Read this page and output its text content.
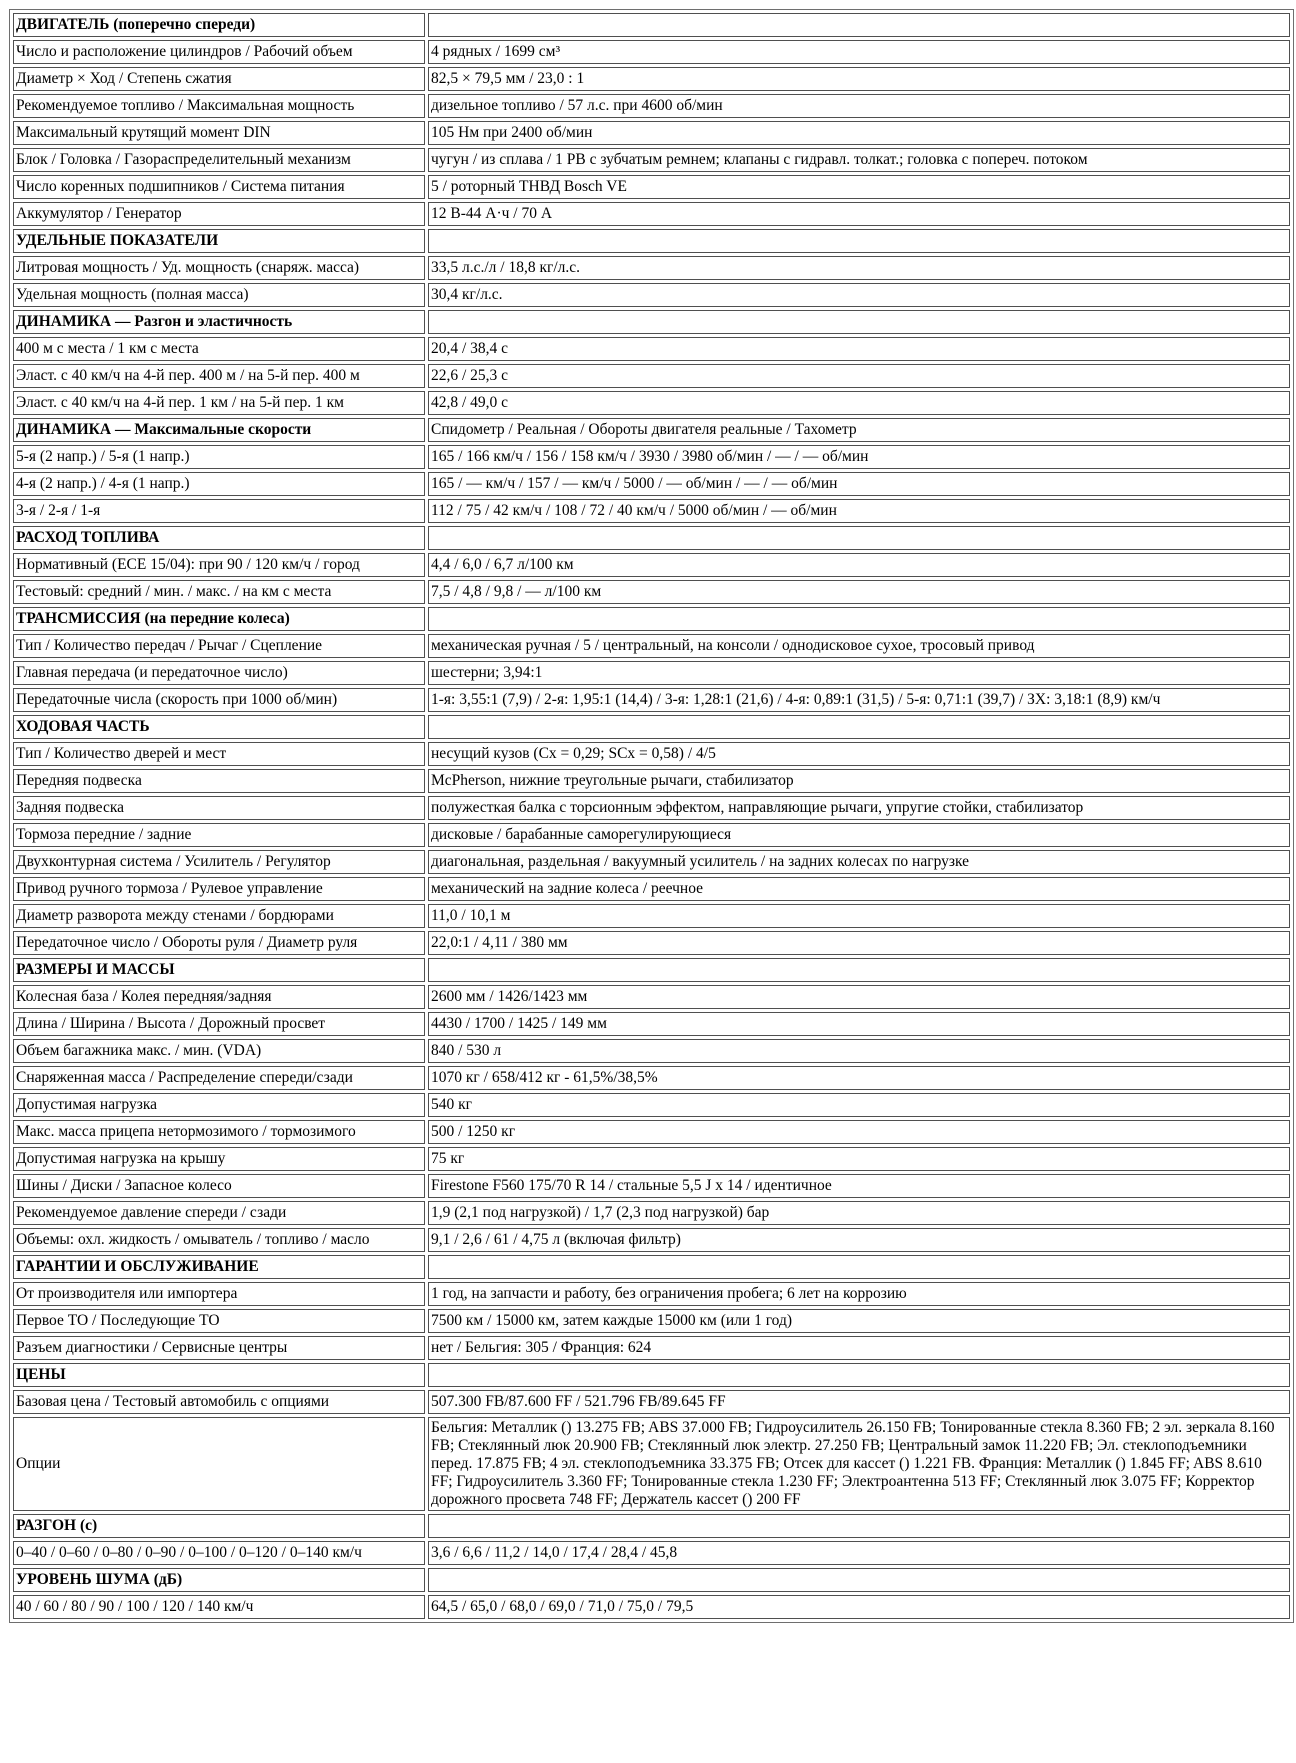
ДВИГАТЕЛЬ (поперечно спереди)	
Число и расположение цилиндров / Рабочий объем	4 рядных / 1699 см³
Диаметр × Ход / Степень сжатия	82,5 × 79,5 мм / 23,0 : 1
Рекомендуемое топливо / Максимальная мощность	дизельное топливо / 57 л.с. при 4600 об/мин
Максимальный крутящий момент DIN	105 Нм при 2400 об/мин
Блок / Головка / Газораспределительный механизм	чугун / из сплава / 1 РВ с зубчатым ремнем; клапаны с гидравл. толкат.; головка с попереч. потоком
Число коренных подшипников / Система питания	5 / роторный ТНВД Bosch VE
Аккумулятор / Генератор	12 В-44 А·ч / 70 А
УДЕЛЬНЫЕ ПОКАЗАТЕЛИ	
Литровая мощность / Уд. мощность (снаряж. масса)	33,5 л.с./л / 18,8 кг/л.с.
Удельная мощность (полная масса)	30,4 кг/л.с.
ДИНАМИКА — Разгон и эластичность	
400 м с места / 1 км с места	20,4 / 38,4 с
Эласт. с 40 км/ч на 4-й пер. 400 м / на 5-й пер. 400 м	22,6 / 25,3 с
Эласт. с 40 км/ч на 4-й пер. 1 км / на 5-й пер. 1 км	42,8 / 49,0 с
ДИНАМИКА — Максимальные скорости	Спидометр / Реальная / Обороты двигателя реальные / Тахометр
5-я (2 напр.) / 5-я (1 напр.)	165 / 166 км/ч / 156 / 158 км/ч / 3930 / 3980 об/мин / — / — об/мин
4-я (2 напр.) / 4-я (1 напр.)	165 / — км/ч / 157 / — км/ч / 5000 / — об/мин / — / — об/мин
3-я / 2-я / 1-я	112 / 75 / 42 км/ч / 108 / 72 / 40 км/ч / 5000 об/мин / — об/мин
РАСХОД ТОПЛИВА	
Нормативный (ECE 15/04): при 90 / 120 км/ч / город	4,4 / 6,0 / 6,7 л/100 км
Тестовый: средний / мин. / макс. / на км с места	7,5 / 4,8 / 9,8 / — л/100 км
ТРАНСМИССИЯ (на передние колеса)	
Тип / Количество передач / Рычаг / Сцепление	механическая ручная / 5 / центральный, на консоли / однодисковое сухое, тросовый привод
Главная передача (и передаточное число)	шестерни; 3,94:1
Передаточные числа (скорость при 1000 об/мин)	1-я: 3,55:1 (7,9) / 2-я: 1,95:1 (14,4) / 3-я: 1,28:1 (21,6) / 4-я: 0,89:1 (31,5) / 5-я: 0,71:1 (39,7) / ЗХ: 3,18:1 (8,9) км/ч
ХОДОВАЯ ЧАСТЬ	
Тип / Количество дверей и мест	несущий кузов (Cx = 0,29; SCx = 0,58) / 4/5
Передняя подвеска	McPherson, нижние треугольные рычаги, стабилизатор
Задняя подвеска	полужесткая балка с торсионным эффектом, направляющие рычаги, упругие стойки, стабилизатор
Тормоза передние / задние	дисковые / барабанные саморегулирующиеся
Двухконтурная система / Усилитель / Регулятор	диагональная, раздельная / вакуумный усилитель / на задних колесах по нагрузке
Привод ручного тормоза / Рулевое управление	механический на задние колеса / реечное
Диаметр разворота между стенами / бордюрами	11,0 / 10,1 м
Передаточное число / Обороты руля / Диаметр руля	22,0:1 / 4,11 / 380 мм
РАЗМЕРЫ И МАССЫ	
Колесная база / Колея передняя/задняя	2600 мм / 1426/1423 мм
Длина / Ширина / Высота / Дорожный просвет	4430 / 1700 / 1425 / 149 мм
Объем багажника макс. / мин. (VDA)	840 / 530 л
Снаряженная масса / Распределение спереди/сзади	1070 кг / 658/412 кг - 61,5%/38,5%
Допустимая нагрузка	540 кг
Макс. масса прицепа нетормозимого / тормозимого	500 / 1250 кг
Допустимая нагрузка на крышу	75 кг
Шины / Диски / Запасное колесо	Firestone F560 175/70 R 14 / стальные 5,5 J x 14 / идентичное
Рекомендуемое давление спереди / сзади	1,9 (2,1 под нагрузкой) / 1,7 (2,3 под нагрузкой) бар
Объемы: охл. жидкость / омыватель / топливо / масло	9,1 / 2,6 / 61 / 4,75 л (включая фильтр)
ГАРАНТИИ И ОБСЛУЖИВАНИЕ	
От производителя или импортера	1 год, на запчасти и работу, без ограничения пробега; 6 лет на коррозию
Первое ТО / Последующие ТО	7500 км / 15000 км, затем каждые 15000 км (или 1 год)
Разъем диагностики / Сервисные центры	нет / Бельгия: 305 / Франция: 624
ЦЕНЫ	
Базовая цена / Тестовый автомобиль с опциями	507.300 FB/87.600 FF / 521.796 FB/89.645 FF
Опции	Бельгия: Металлик () 13.275 FB; ABS 37.000 FB; Гидроусилитель 26.150 FB; Тонированные стекла 8.360 FB; 2 эл. зеркала 8.160 FB; Стеклянный люк 20.900 FB; Стеклянный люк электр. 27.250 FB; Центральный замок 11.220 FB; Эл. стеклоподъемники перед. 17.875 FB; 4 эл. стеклоподъемника 33.375 FB; Отсек для кассет () 1.221 FB. Франция: Металлик () 1.845 FF; ABS 8.610 FF; Гидроусилитель 3.360 FF; Тонированные стекла 1.230 FF; Электроантенна 513 FF; Стеклянный люк 3.075 FF; Корректор дорожного просвета 748 FF; Держатель кассет () 200 FF
РАЗГОН (с)	
0–40 / 0–60 / 0–80 / 0–90 / 0–100 / 0–120 / 0–140 км/ч	3,6 / 6,6 / 11,2 / 14,0 / 17,4 / 28,4 / 45,8
УРОВЕНЬ ШУМА (дБ)	
40 / 60 / 80 / 90 / 100 / 120 / 140 км/ч	64,5 / 65,0 / 68,0 / 69,0 / 71,0 / 75,0 / 79,5
